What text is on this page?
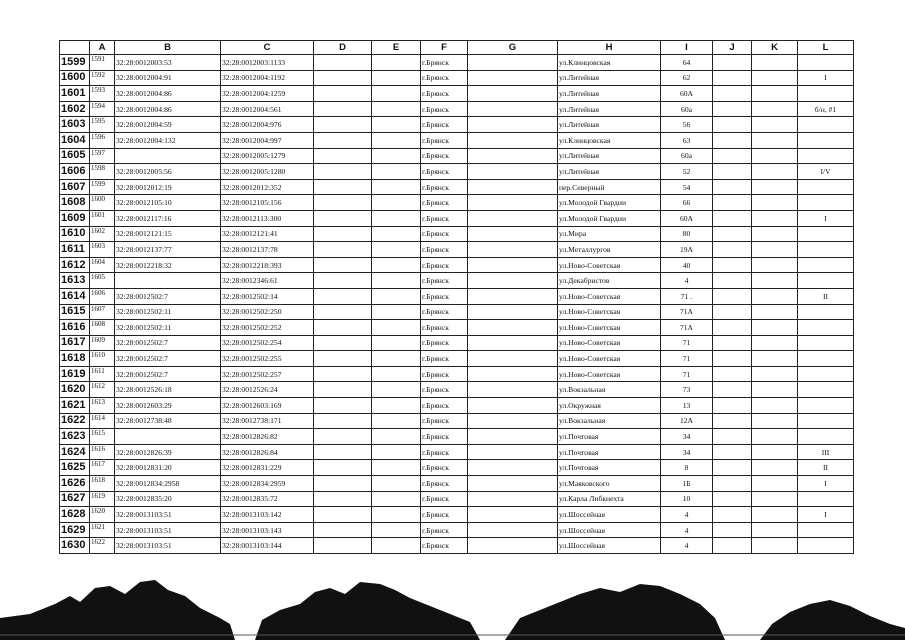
	A	B	C	D	E	F	G	H	I	J	K	L
1599	1591	32:28:0012003:53	32:28:0012003:1133			г.Брянск		ул.Клинцовская	64			
1600	1592	32:28:0012004:91	32:28:0012004:1192			г.Брянск		ул.Литейная	62			I
1601	1593	32:28:0012004:86	32:28:0012004:1259			г.Брянск		ул.Литейная	60А			
1602	1594	32:28:0012004:86	32:28:0012004:561			г.Брянск		ул.Литейная	60а			б/н, #1
1603	1595	32:28:0012004:59	32:28:0012004:976			г.Брянск		ул.Литейная	56			
1604	1596	32:28:0012004:132	32:28:0012004:997			г.Брянск		ул.Клинцовская	63			
1605	1597		32:28:0012005:1279			г.Брянск		ул.Литейная	60а			
1606	1598	32:28:0012005:56	32:28:0012005:1280			г.Брянск		ул.Литейная	52			I/V
1607	1599	32:28:0012012:19	32:28:0012012:352			г.Брянск		пер.Северный	54			
1608	1600	32:28:0012105:10	32:28:0012105:156			г.Брянск		ул.Молодой Гвардии	66			
1609	1601	32:28:0012117:16	32:28:0012113:300			г.Брянск		ул.Молодой Гвардии	60А			I
1610	1602	32:28:0012121:15	32:28:0012121:41			г.Брянск		ул.Мира	80			
1611	1603	32:28:0012137:77	32:28:0012137:78			г.Брянск		ул.Металлургов	19А			
1612	1604	32:28:0012218:32	32:28:0012218:393			г.Брянск		ул.Ново-Советская	40			
1613	1605		32:28:0012346:61			г.Брянск		ул.Декабристов	4			
1614	1606	32:28:0012502:7	32:28:0012502:14			г.Брянск		ул.Ново-Советская	71 .			II
1615	1607	32:28:0012502:11	32:28:0012502:250			г.Брянск		ул.Ново-Советская	71А			
1616	1608	32:28:0012502:11	32:28:0012502:252			г.Брянск		ул.Ново-Советская	71А			
1617	1609	32:28:0012502:7	32:28:0012502:254			г.Брянск		ул.Ново-Советская	71			
1618	1610	32:28:0012502:7	32:28:0012502:255			г.Брянск		ул.Ново-Советская	71			
1619	1611	32:28:0012502:7	32:28:0012502:257			г.Брянск		ул.Ново-Советская	71			
1620	1612	32:28:0012526:18	32:28:0012526:24			г.Брянск		ул.Вокзальная	73			
1621	1613	32:28:0012603:29	32:28:0012603:169			г.Брянск		ул.Окружная	13			
1622	1614	32:28:0012738:48	32:28:0012738:171			г.Брянск		ул.Вокзальная	12А			
1623	1615		32:28:0012826:82			г.Брянск		ул.Почтовая	34			
1624	1616	32:28:0012826:39	32:28:0012826:84			г.Брянск		ул.Почтовая	34			III
1625	1617	32:28:0012831:20	32:28:0012831:229			г.Брянск		ул.Почтовая	8			II
1626	1618	32:28:0012834:2958	32:28:0012834:2959			г.Брянск		ул.Маяковского	1Б			I
1627	1619	32:28:0012835:20	32:28:0012835:72			г.Брянск		ул.Карла Либкнехта	10			
1628	1620	32:28:0013103:51	32:28:0013103:142			г.Брянск		ул.Шоссейная	4			I
1629	1621	32:28:0013103:51	32:28:0013103:143			г.Брянск		ул.Шоссейная	4			
1630	1622	32:28:0013103:51	32:28:0013103:144			г.Брянск		ул.Шоссейная	4			
